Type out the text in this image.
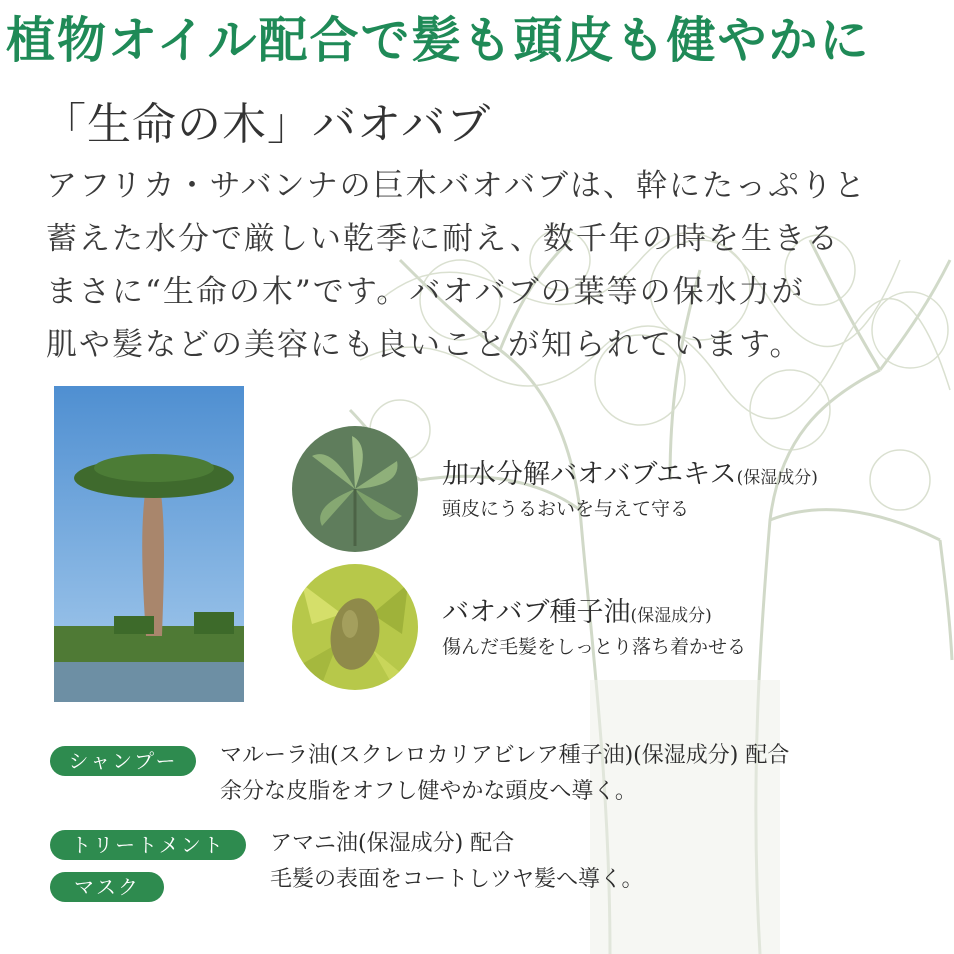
植物オイル配合で髪も頭皮も健やかに
「生命の木」バオバブ
アフリカ・サバンナの巨木バオバブは、幹にたっぷりと
蓄えた水分で厳しい乾季に耐え、数千年の時を生きる
まさに“生命の木”です。バオバブの葉等の保水力が
肌や髪などの美容にも良いことが知られています。
加水分解バオバブエキス(保湿成分)
頭皮にうるおいを与えて守る
バオバブ種子油(保湿成分)
傷んだ毛髪をしっとり落ち着かせる
シャンプー	マルーラ油(スクレロカリアビレア種子油)(保湿成分) 配合
余分な皮脂をオフし健やかな頭皮へ導く。
トリートメント
マスク
アマニ油(保湿成分) 配合
毛髪の表面をコートしツヤ髪へ導く。
